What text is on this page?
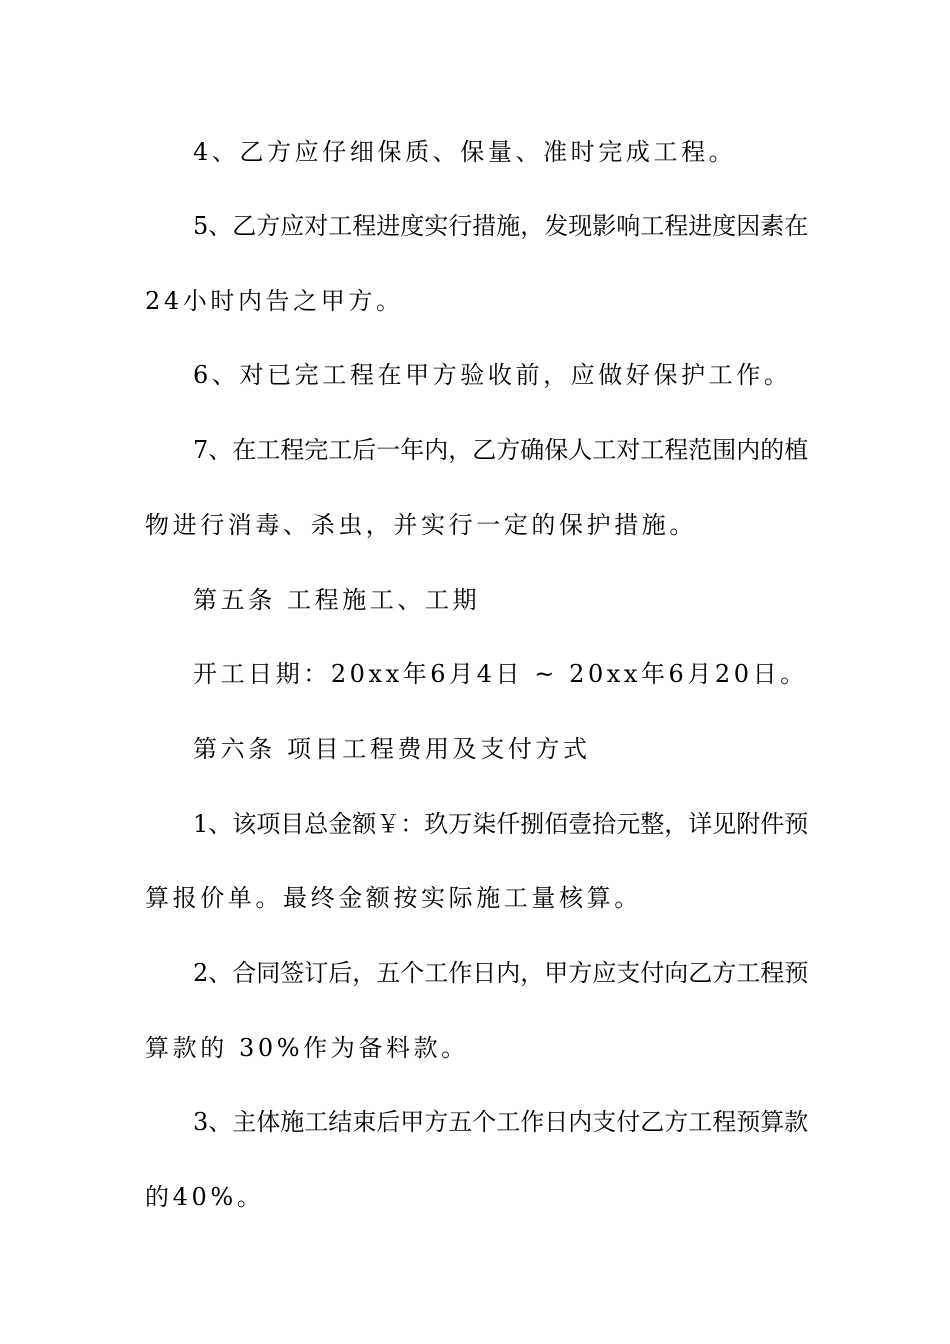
4、乙方应仔细保质、保量、准时完成工程。
5、乙方应对工程进度实行措施，发现影响工程进度因素在
24小时内告之甲方。
6、对已完工程在甲方验收前，应做好保护工作。
7、在工程完工后一年内，乙方确保人工对工程范围内的植
物进行消毒、杀虫，并实行一定的保护措施。
第五条 工程施工、工期
开工日期：20xx年6月4日 ~ 20xx年6月20日。
第六条 项目工程费用及支付方式
1、该项目总金额￥：玖万柒仟捌佰壹拾元整，详见附件预
算报价单。最终金额按实际施工量核算。
2、合同签订后，五个工作日内，甲方应支付向乙方工程预
算款的 30%作为备料款。
3、主体施工结束后甲方五个工作日内支付乙方工程预算款
的40%。
